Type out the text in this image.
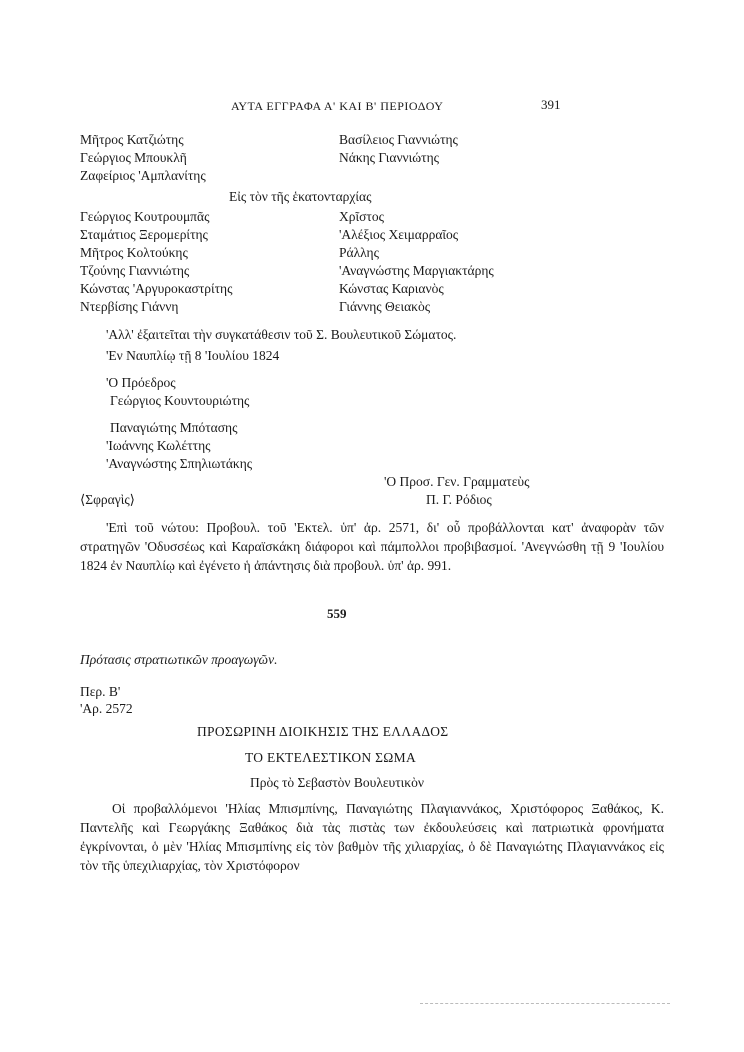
ΑΥΤΑ ΕΓΓΡΑΦΑ Α' ΚΑΙ Β' ΠΕΡΙΟΔΟΥ	391
Μῆτρος Κατζιώτης
Γεώργιος Μπουκλῆ
Ζαφείριος 'Αμπλανίτης
Βασίλειος Γιαννιώτης
Νάκης Γιαννιώτης
Εἰς τὸν τῆς ἑκατονταρχίας
Γεώργιος Κουτρουμπᾶς
Σταμάτιος Ξερομερίτης
Μῆτρος Κολτούκης
Τζούνης Γιαννιώτης
Κώνστας 'Αργυροκαστρίτης
Ντερβίσης Γιάννη
Χρῖστος
'Αλέξιος Χειμαρραῖος
Ράλλης
'Αναγνώστης Μαργιακτάρης
Κώνστας Καριανὸς
Γιάννης Θειακὸς
'Αλλ' ἐξαιτεῖται τὴν συγκατάθεσιν τοῦ Σ. Βουλευτικοῦ Σώματος.
'Εν Ναυπλίῳ τῇ 8 'Ιουλίου 1824
'Ο Πρόεδρος
Γεώργιος Κουντουριώτης
Παναγιώτης Μπότασης
'Ιωάννης Κωλέττης
'Αναγνώστης Σπηλιωτάκης
'Ο Προσ. Γεν. Γραμματεὺς
⟨Σφραγὶς⟩	Π. Γ. Ρόδιος
'Επὶ τοῦ νώτου: Προβουλ. τοῦ 'Εκτελ. ὑπ' ἀρ. 2571, δι' οὗ προβάλλονται κατ' ἀναφορὰν τῶν στρατηγῶν 'Οδυσσέως καὶ Καραϊσκάκη διάφοροι καὶ πάμπολλοι προβιβασμοί. 'Ανεγνώσθη τῇ 9 'Ιουλίου 1824 ἐν Ναυπλίῳ καὶ ἐγένετο ἡ ἀπάντησις διὰ προβουλ. ὑπ' ἀρ. 991.
559
Πρότασις στρατιωτικῶν προαγωγῶν.
Περ. Β'
'Αρ. 2572
ΠΡΟΣΩΡΙΝΗ ΔΙΟΙΚΗΣΙΣ ΤΗΣ ΕΛΛΑΔΟΣ
ΤΟ ΕΚΤΕΛΕΣΤΙΚΟΝ ΣΩΜΑ
Πρὸς τὸ Σεβαστὸν Βουλευτικὸν
Οἱ προβαλλόμενοι 'Ηλίας Μπισμπίνης, Παναγιώτης Πλαγιαννάκος, Χριστόφορος Ξαθάκος, Κ. Παντελῆς καὶ Γεωργάκης Ξαθάκος διὰ τὰς πιστὰς των ἐκδουλεύσεις καὶ πατριωτικὰ φρονήματα ἐγκρίνονται, ὁ μὲν 'Ηλίας Μπισμπίνης εἰς τὸν βαθμὸν τῆς χιλιαρχίας, ὁ δὲ Παναγιώτης Πλαγιαννάκος εἰς τὸν τῆς ὑπεχιλιαρχίας, τὸν Χριστόφορον
